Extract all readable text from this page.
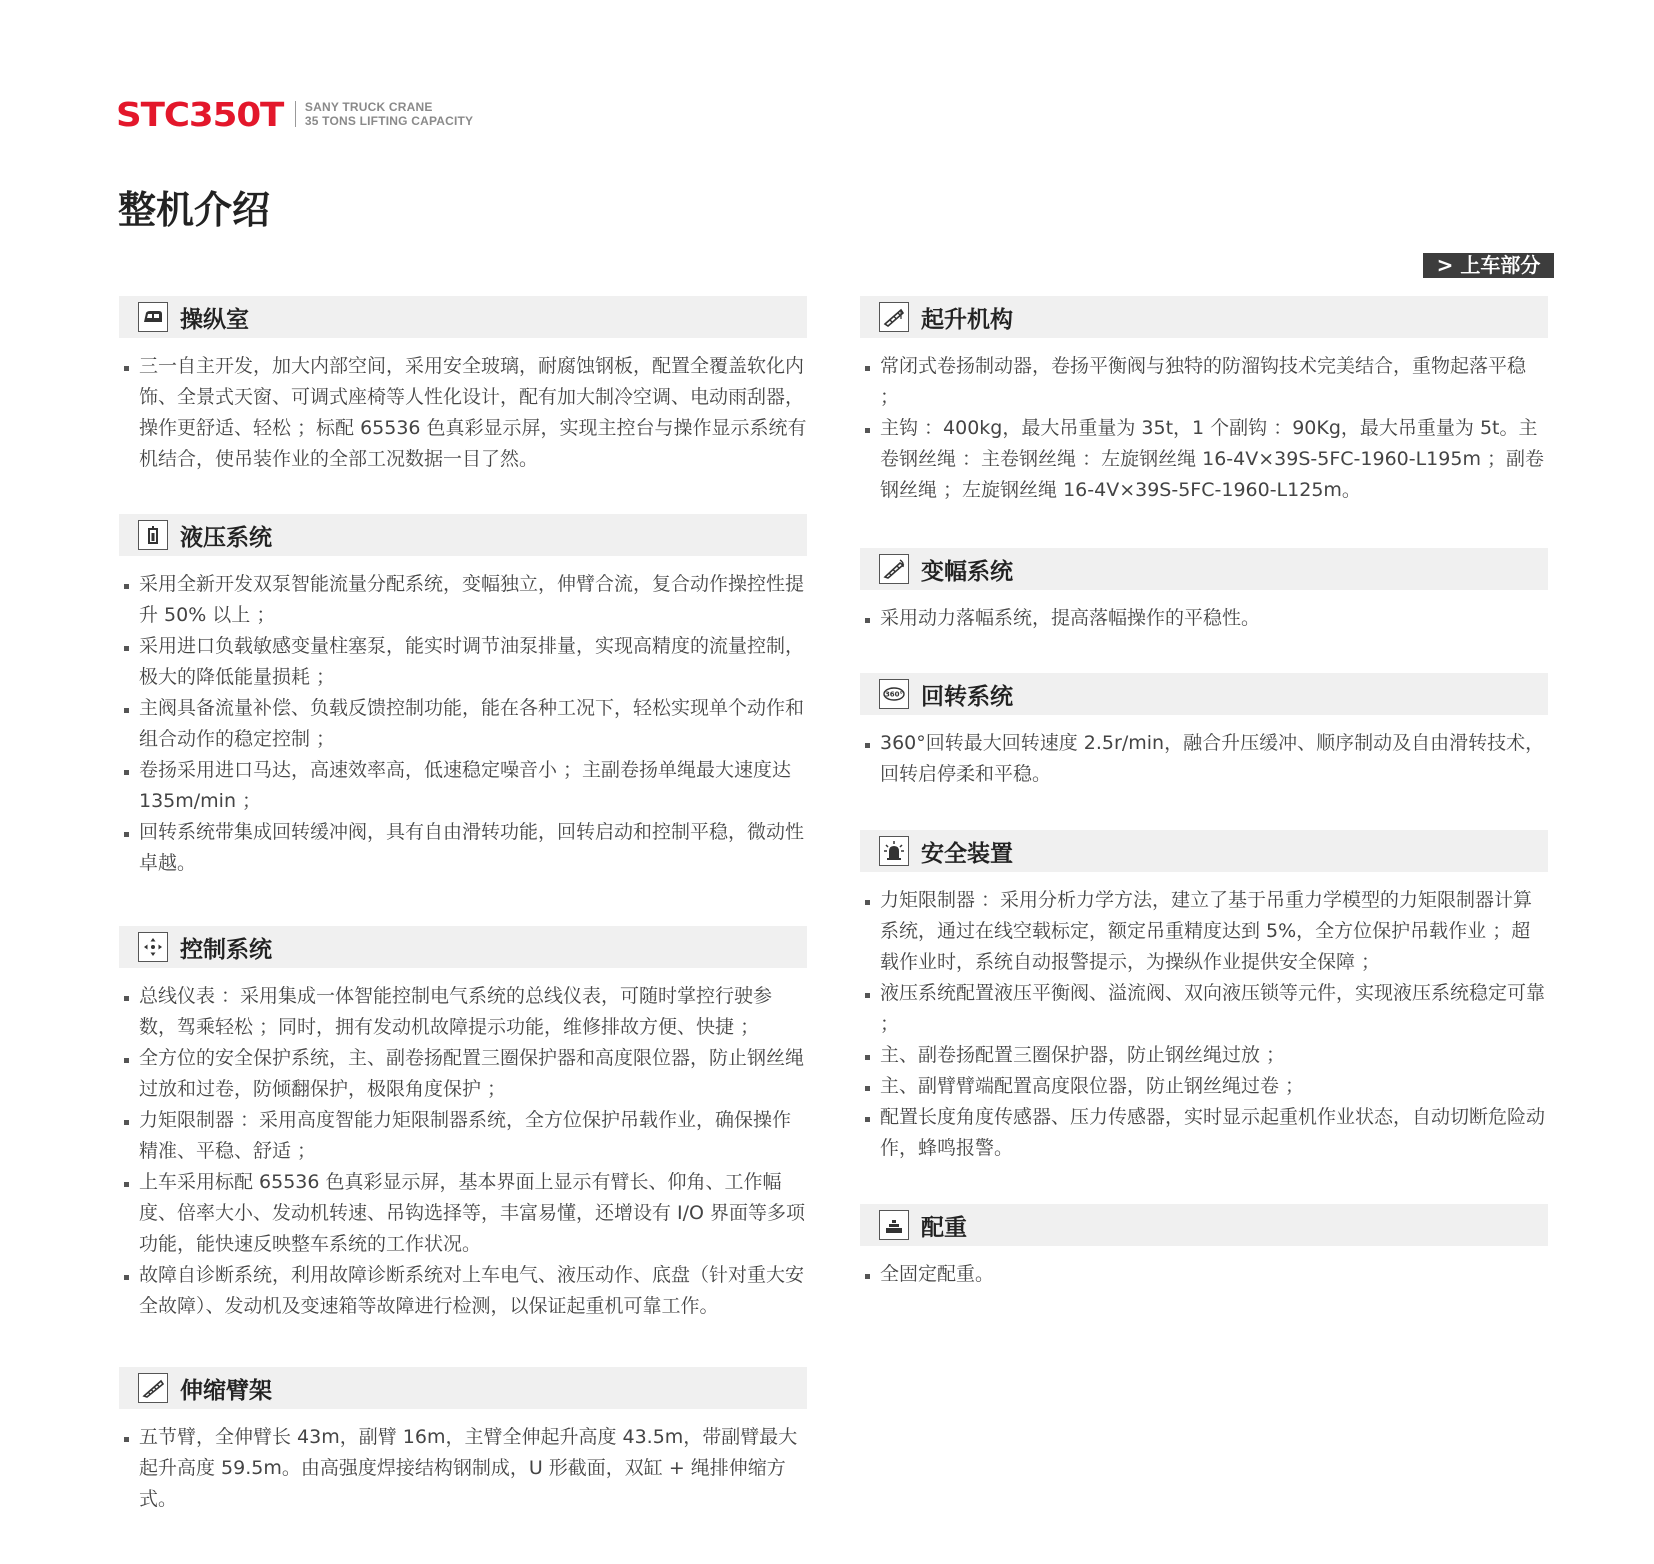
STC350T SANY TRUCK CRANE
35 TONS LIFTING CAPACITY
整机介绍
> 上车部分
操纵室
三一自主开发，加大内部空间，采用安全玻璃，耐腐蚀钢板，配置全覆盖软化内饰、全景式天窗、可调式座椅等人性化设计，配有加大制冷空调、电动雨刮器，操作更舒适、轻松 ；标配 65536 色真彩显示屏，实现主控台与操作显示系统有机结合，使吊装作业的全部工况数据一目了然。
液压系统
采用全新开发双泵智能流量分配系统，变幅独立，伸臂合流，复合动作操控性提升 50% 以上 ；
采用进口负载敏感变量柱塞泵，能实时调节油泵排量，实现高精度的流量控制，极大的降低能量损耗 ；
主阀具备流量补偿、负载反馈控制功能，能在各种工况下，轻松实现单个动作和组合动作的稳定控制 ；
卷扬采用进口马达，高速效率高，低速稳定噪音小 ；主副卷扬单绳最大速度达 135m/min ；
回转系统带集成回转缓冲阀，具有自由滑转功能，回转启动和控制平稳，微动性卓越。
控制系统
总线仪表 ：采用集成一体智能控制电气系统的总线仪表，可随时掌控行驶参数，驾乘轻松 ；同时，拥有发动机故障提示功能，维修排故方便、快捷 ；
全方位的安全保护系统，主、副卷扬配置三圈保护器和高度限位器，防止钢丝绳过放和过卷，防倾翻保护，极限角度保护 ；
力矩限制器 ：采用高度智能力矩限制器系统，全方位保护吊载作业，确保操作精准、平稳、舒适 ；
上车采用标配 65536 色真彩显示屏，基本界面上显示有臂长、仰角、工作幅度、倍率大小、发动机转速、吊钩选择等，丰富易懂，还增设有 I/O 界面等多项功能，能快速反映整车系统的工作状况。
故障自诊断系统，利用故障诊断系统对上车电气、液压动作、底盘（针对重大安全故障）、发动机及变速箱等故障进行检测，以保证起重机可靠工作。
伸缩臂架
五节臂，全伸臂长 43m，副臂 16m，主臂全伸起升高度 43.5m，带副臂最大起升高度 59.5m。由高强度焊接结构钢制成，U 形截面，双缸 + 绳排伸缩方式。
起升机构
常闭式卷扬制动器，卷扬平衡阀与独特的防溜钩技术完美结合，重物起落平稳 ；
主钩 ：400kg，最大吊重量为 35t，1 个副钩 ：90Kg，最大吊重量为 5t。主卷钢丝绳 ：主卷钢丝绳 ：左旋钢丝绳 16-4V×39S-5FC-1960-L195m ；副卷钢丝绳 ；左旋钢丝绳 16-4V×39S-5FC-1960-L125m。
变幅系统
采用动力落幅系统，提高落幅操作的平稳性。
360° 回转系统
360°回转最大回转速度 2.5r/min，融合升压缓冲、顺序制动及自由滑转技术，回转启停柔和平稳。
安全装置
力矩限制器 ：采用分析力学方法，建立了基于吊重力学模型的力矩限制器计算系统，通过在线空载标定，额定吊重精度达到 5%，全方位保护吊载作业 ；超载作业时，系统自动报警提示，为操纵作业提供安全保障 ；
液压系统配置液压平衡阀、溢流阀、双向液压锁等元件，实现液压系统稳定可靠 ；
主、副卷扬配置三圈保护器，防止钢丝绳过放 ；
主、副臂臂端配置高度限位器，防止钢丝绳过卷 ；
配置长度角度传感器、压力传感器，实时显示起重机作业状态，自动切断危险动作，蜂鸣报警。
配重
全固定配重。
